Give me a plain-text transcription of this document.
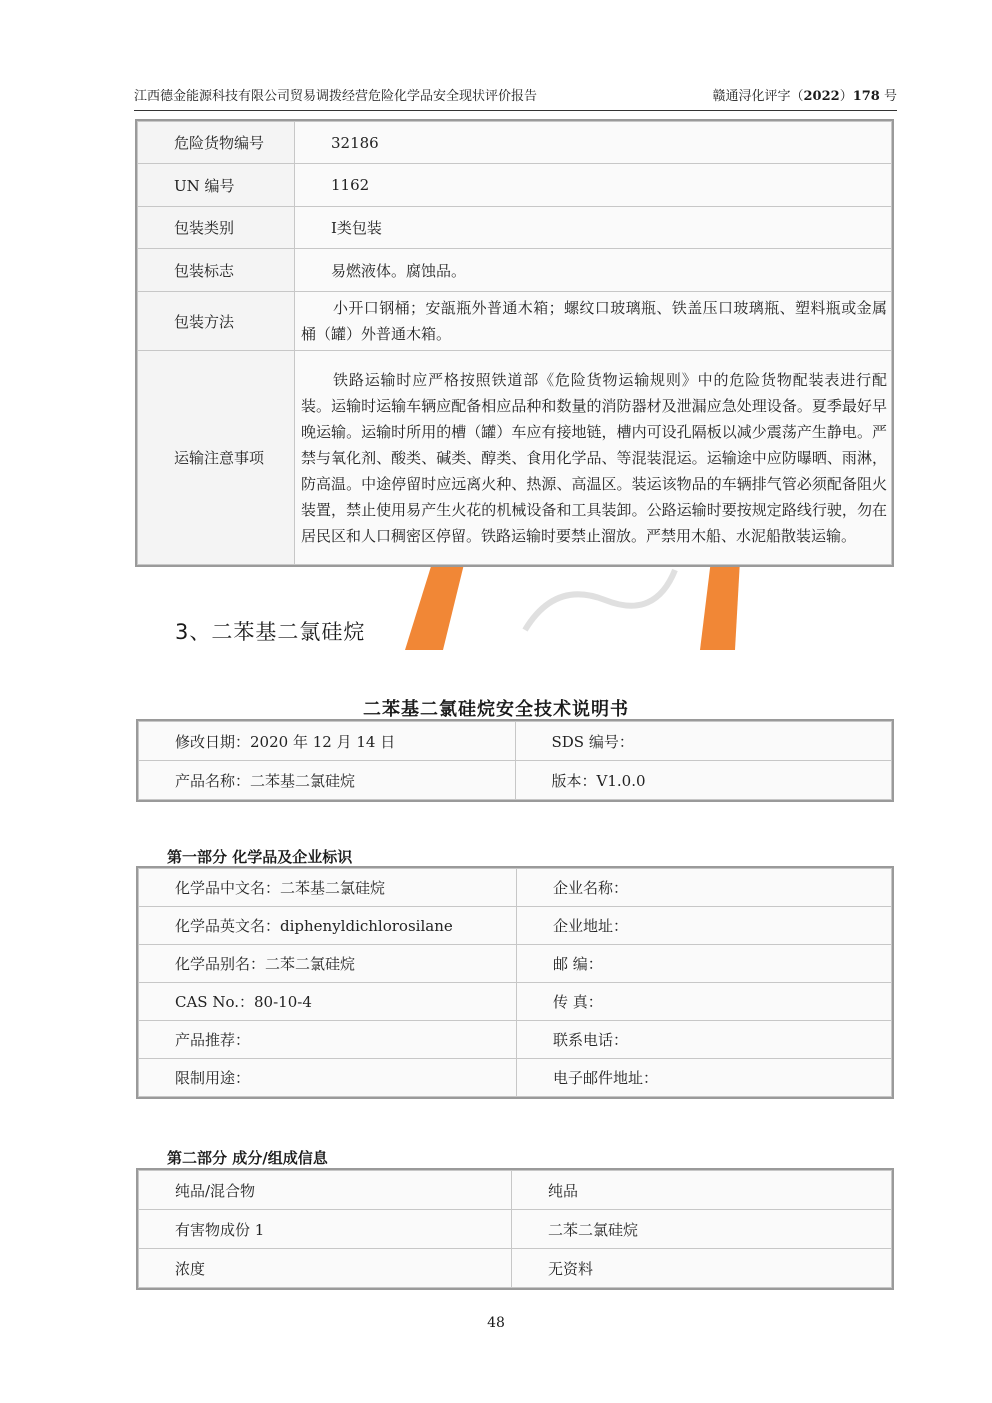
江西德金能源科技有限公司贸易调拨经营危险化学品安全现状评价报告	赣通浔化评字（2022）178 号
危险货物编号	32186
UN 编号	1162
包装类别	Ⅰ类包装
包装标志	易燃液体。腐蚀品。
包装方法	小开口钢桶；安瓿瓶外普通木箱；螺纹口玻璃瓶、铁盖压口玻璃瓶、塑料瓶或金属桶（罐）外普通木箱。
运输注意事项	铁路运输时应严格按照铁道部《危险货物运输规则》中的危险货物配装表进行配装。运输时运输车辆应配备相应品种和数量的消防器材及泄漏应急处理设备。夏季最好早晚运输。运输时所用的槽（罐）车应有接地链，槽内可设孔隔板以减少震荡产生静电。严禁与氧化剂、酸类、碱类、醇类、食用化学品、等混装混运。运输途中应防曝晒、雨淋，防高温。中途停留时应远离火种、热源、高温区。装运该物品的车辆排气管必须配备阻火装置，禁止使用易产生火花的机械设备和工具装卸。公路运输时要按规定路线行驶，勿在居民区和人口稠密区停留。铁路运输时要禁止溜放。严禁用木船、水泥船散装运输。
3、二苯基二氯硅烷
二苯基二氯硅烷安全技术说明书
修改日期：2020 年 12 月 14 日	SDS 编号：
产品名称：二苯基二氯硅烷	版本：V1.0.0
第一部分 化学品及企业标识
化学品中文名：二苯基二氯硅烷	企业名称：
化学品英文名：diphenyldichlorosilane	企业地址：
化学品别名：二苯二氯硅烷	邮 编：
CAS No.：80-10-4	传 真：
产品推荐：	联系电话：
限制用途：	电子邮件地址：
第二部分 成分/组成信息
纯品/混合物	纯品
有害物成份 1	二苯二氯硅烷
浓度	无资料
48
